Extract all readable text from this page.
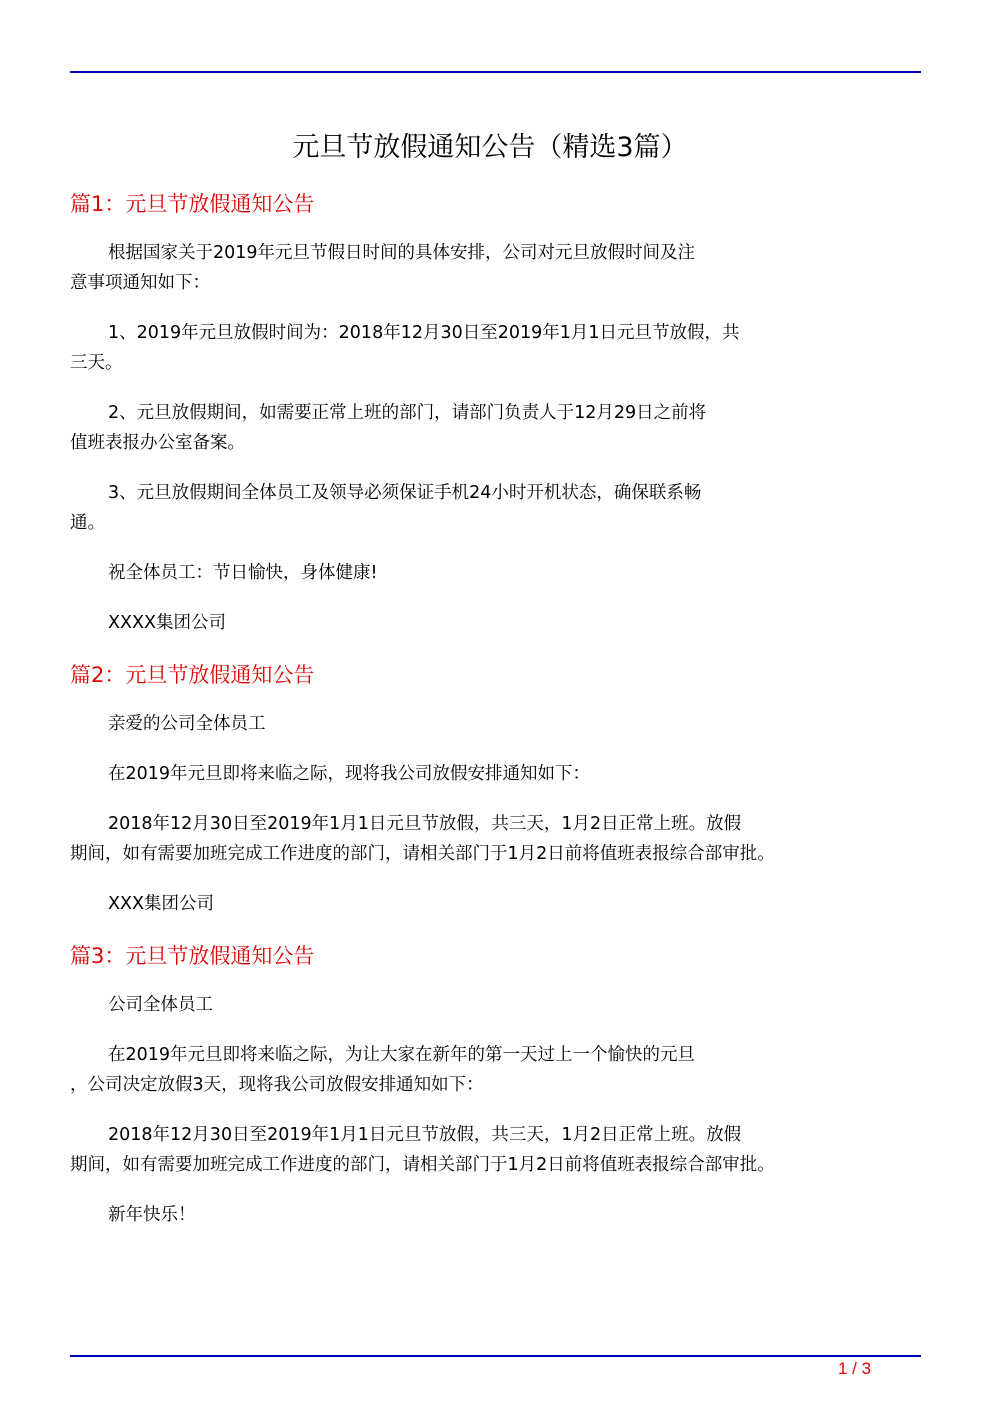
元旦节放假通知公告（精选3篇）
篇1：元旦节放假通知公告
根据国家关于2019年元旦节假日时间的具体安排，公司对元旦放假时间及注
意事项通知如下：
1、2019年元旦放假时间为：2018年12月30日至2019年1月1日元旦节放假，共
三天。
2、元旦放假期间，如需要正常上班的部门，请部门负责人于12月29日之前将
值班表报办公室备案。
3、元旦放假期间全体员工及领导必须保证手机24小时开机状态，确保联系畅
通。
祝全体员工：节日愉快，身体健康!
XXXX集团公司
篇2：元旦节放假通知公告
亲爱的公司全体员工
在2019年元旦即将来临之际，现将我公司放假安排通知如下：
2018年12月30日至2019年1月1日元旦节放假，共三天，1月2日正常上班。放假
期间，如有需要加班完成工作进度的部门，请相关部门于1月2日前将值班表报综合部审批。
XXX集团公司
篇3：元旦节放假通知公告
公司全体员工
在2019年元旦即将来临之际，为让大家在新年的第一天过上一个愉快的元旦
，公司决定放假3天，现将我公司放假安排通知如下：
2018年12月30日至2019年1月1日元旦节放假，共三天，1月2日正常上班。放假
期间，如有需要加班完成工作进度的部门，请相关部门于1月2日前将值班表报综合部审批。
新年快乐！
1 / 3
